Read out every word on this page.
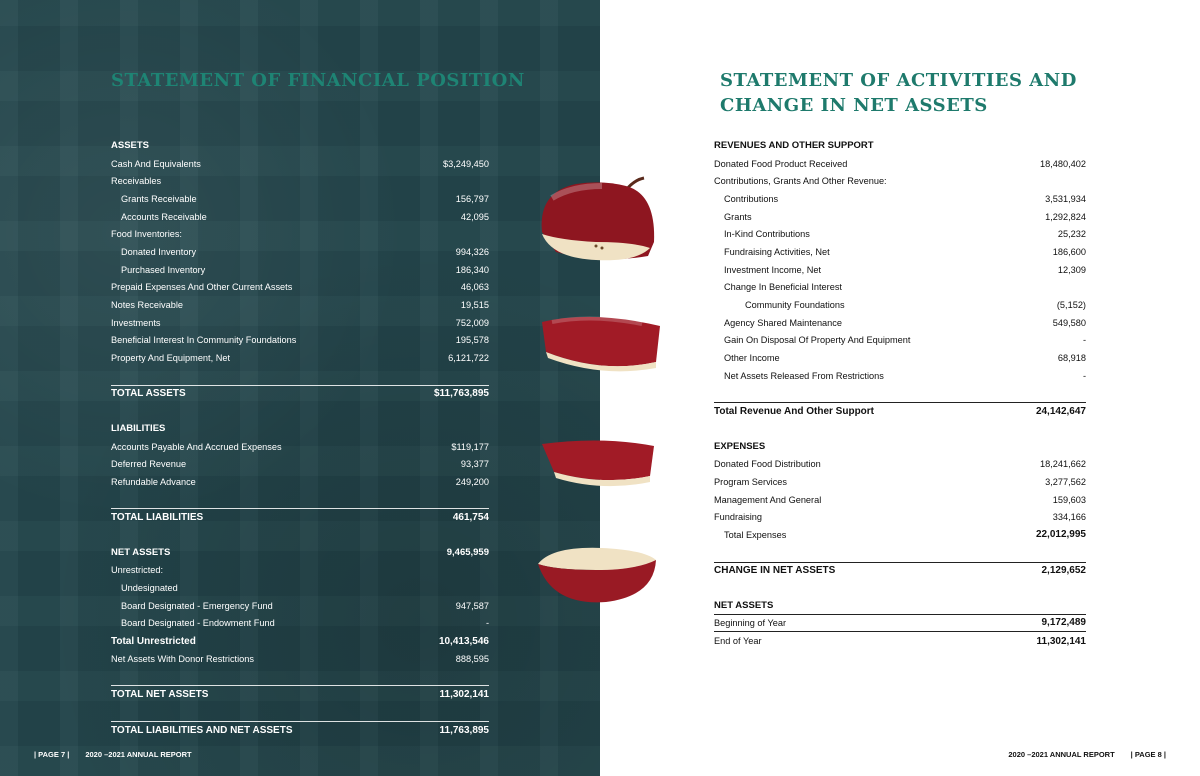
STATEMENT OF FINANCIAL POSITION	STATEMENT OF ACTIVITIES AND
CHANGE IN NET ASSETS
ASSETS
Cash And Equivalents	$3,249,450
Receivables
Grants Receivable	156,797
Accounts Receivable	42,095
Food Inventories:
Donated Inventory	994,326
Purchased Inventory	186,340
Prepaid Expenses And Other Current Assets	46,063
Notes Receivable	19,515
Investments	752,009
Beneficial Interest In Community Foundations	195,578
Property And Equipment, Net	6,121,722
TOTAL ASSETS	$11,763,895
LIABILITIES
Accounts Payable And Accrued Expenses	$119,177
Deferred Revenue	93,377
Refundable Advance	249,200
TOTAL LIABILITIES	461,754
NET ASSETS	9,465,959
Unrestricted:
Undesignated
Board Designated - Emergency Fund	947,587
Board Designated - Endowment Fund	-
Total Unrestricted	10,413,546
Net Assets With Donor Restrictions	888,595
TOTAL NET ASSETS	11,302,141
TOTAL LIABILITIES AND NET ASSETS	11,763,895
REVENUES AND OTHER SUPPORT
Donated Food Product Received	18,480,402
Contributions, Grants And Other Revenue:
Contributions	3,531,934
Grants	1,292,824
In-Kind Contributions	25,232
Fundraising Activities, Net	186,600
Investment Income, Net	12,309
Change In Beneficial Interest
Community Foundations	(5,152)
Agency Shared Maintenance	549,580
Gain On Disposal Of Property And Equipment	-
Other Income	68,918
Net Assets Released From Restrictions	-
Total Revenue And Other Support	24,142,647
EXPENSES
Donated Food Distribution	18,241,662
Program Services	3,277,562
Management And General	159,603
Fundraising	334,166
Total Expenses	22,012,995
CHANGE IN NET ASSETS	2,129,652
NET ASSETS
Beginning of Year	9,172,489
End of Year	11,302,141
| PAGE 7 | 2020 –2021 ANNUAL REPORT	2020 –2021 ANNUAL REPORT | PAGE 8 |
